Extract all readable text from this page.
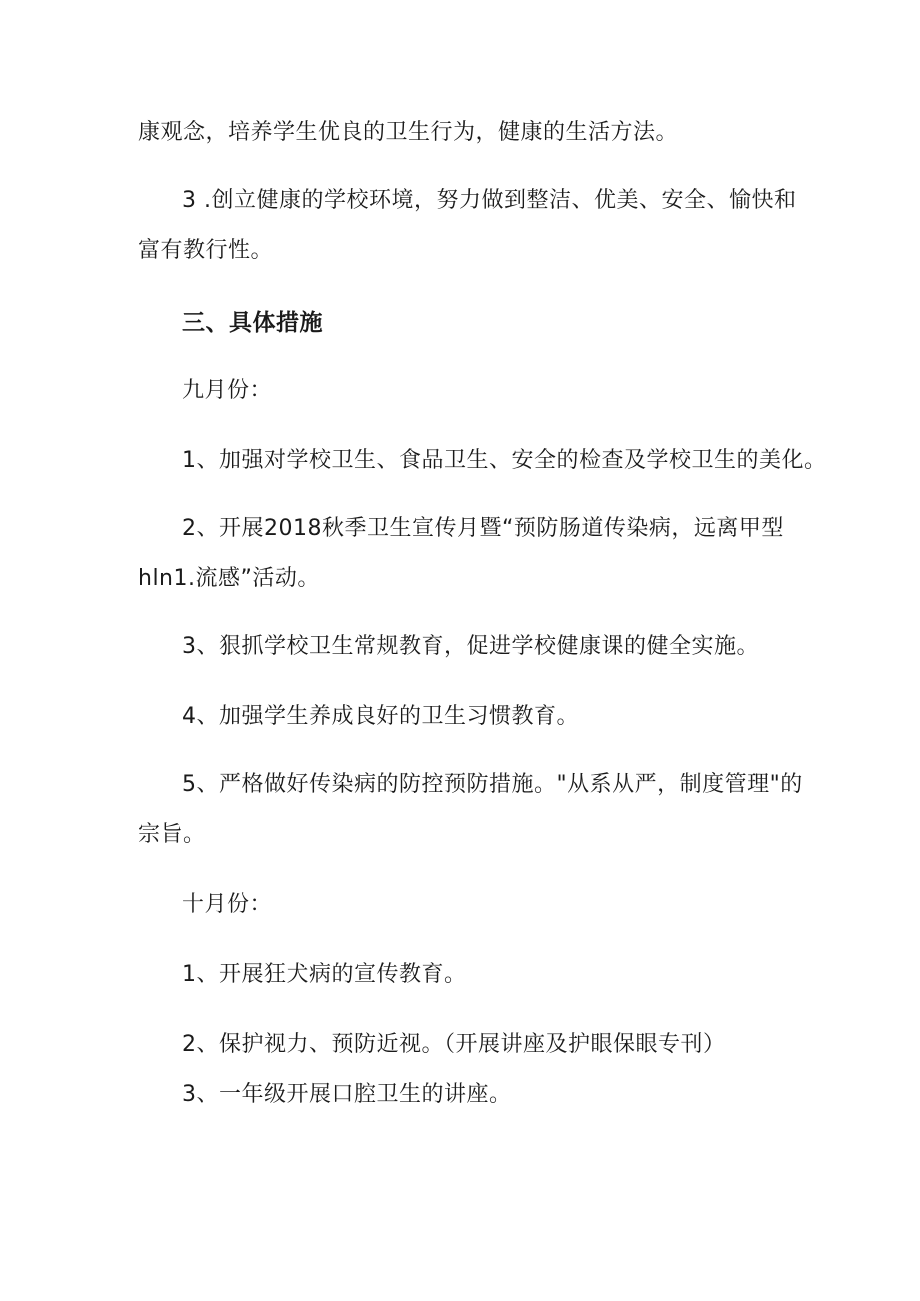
康观念，培养学生优良的卫生行为，健康的生活方法。
3 .创立健康的学校环境，努力做到整洁、优美、安全、愉快和
富有教行性。
三、具体措施
九月份：
1、加强对学校卫生、食品卫生、安全的检查及学校卫生的美化。
2、开展2018秋季卫生宣传月暨“预防肠道传染病，远离甲型
hln1.流感”活动。
3、狠抓学校卫生常规教育，促进学校健康课的健全实施。
4、加强学生养成良好的卫生习惯教育。
5、严格做好传染病的防控预防措施。"从系从严，制度管理"的
宗旨。
十月份：
1、开展狂犬病的宣传教育。
2、保护视力、预防近视。（开展讲座及护眼保眼专刊）
3、一年级开展口腔卫生的讲座。
